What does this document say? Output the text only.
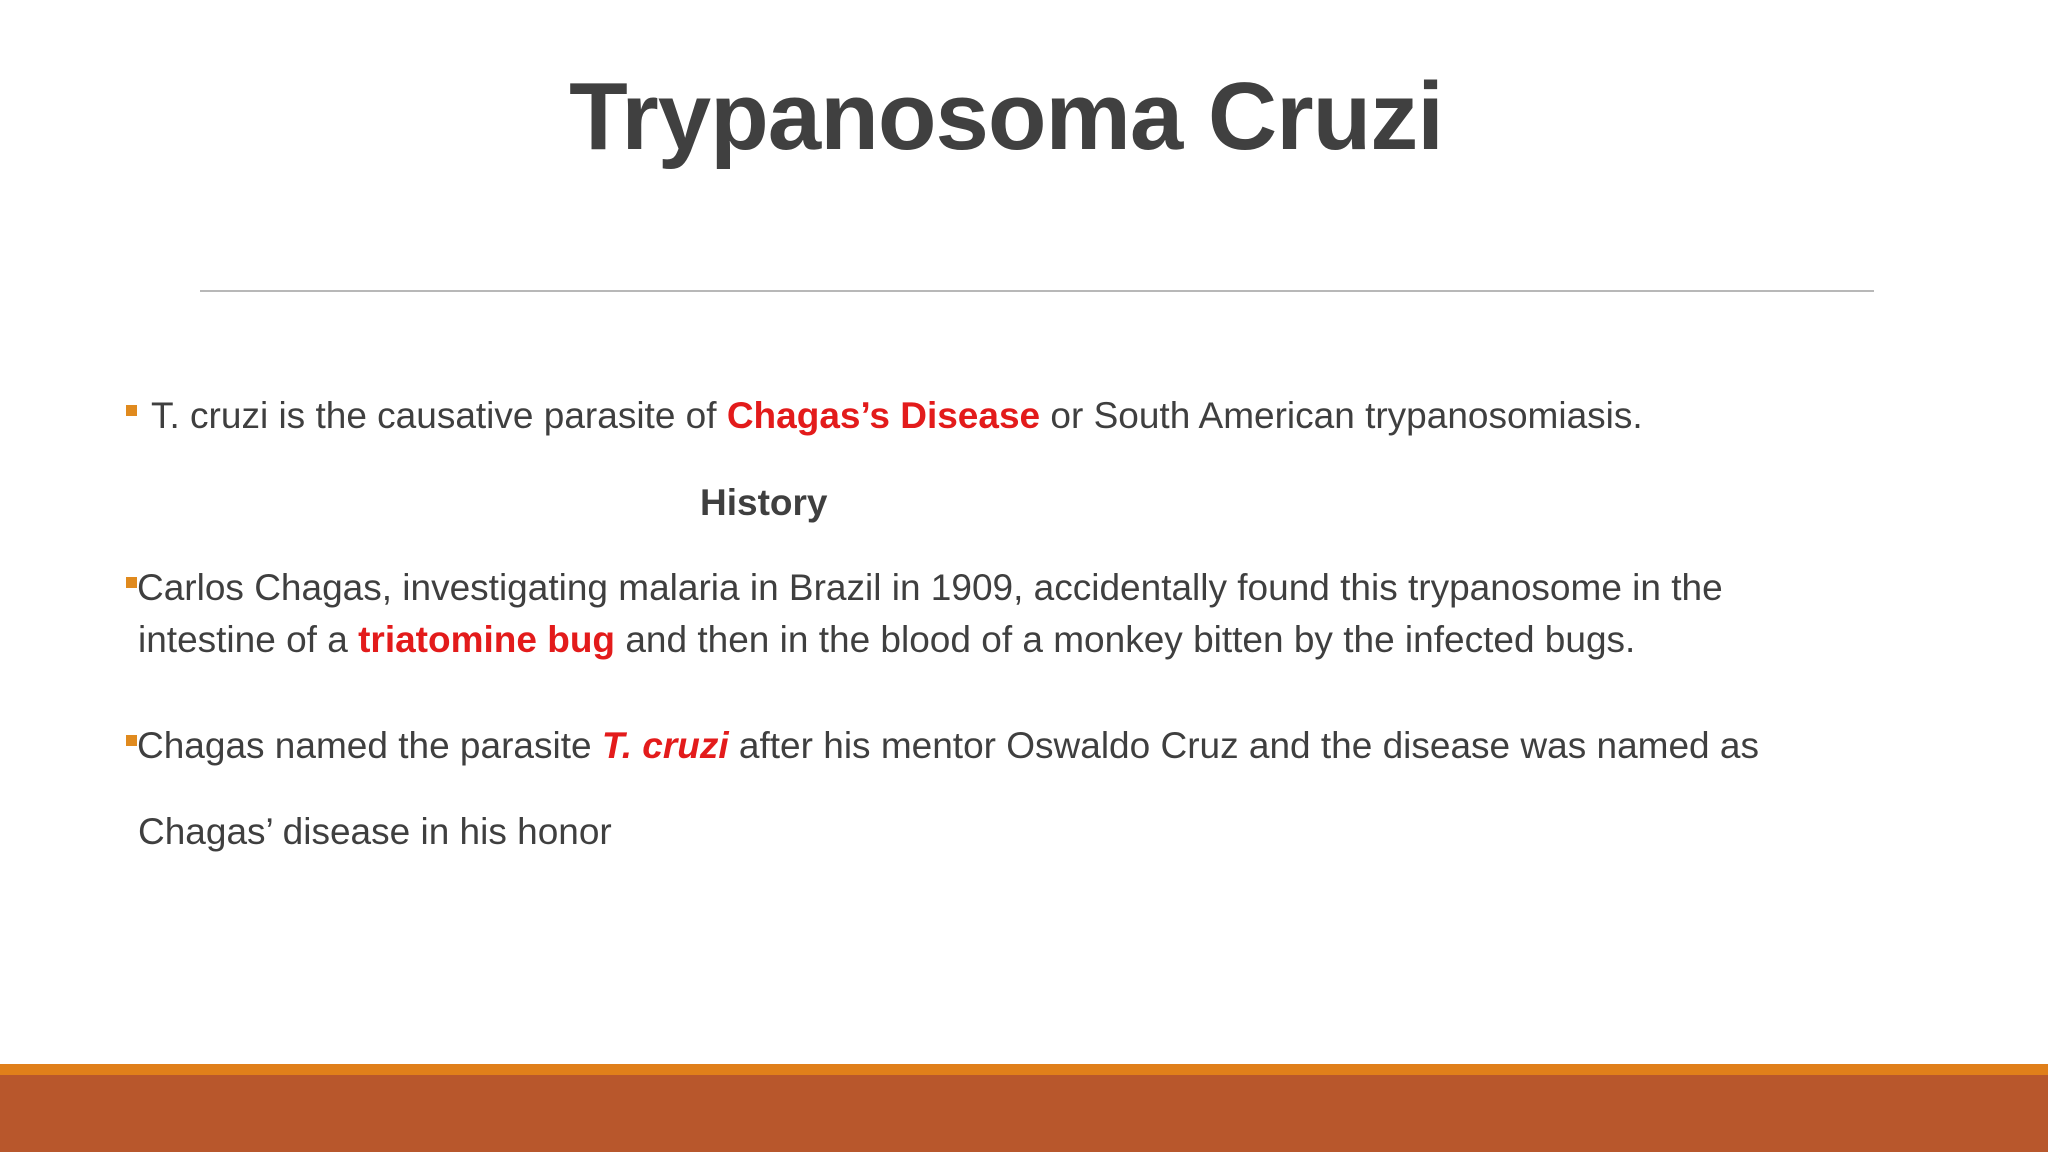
Trypanosoma Cruzi
T. cruzi is the causative parasite of Chagas’s Disease or South American trypanosomiasis.
History
Carlos Chagas, investigating malaria in Brazil in 1909, accidentally found this trypanosome in the
intestine of a triatomine bug and then in the blood of a monkey bitten by the infected bugs.
Chagas named the parasite T. cruzi after his mentor Oswaldo Cruz and the disease was named as
Chagas’ disease in his honor
